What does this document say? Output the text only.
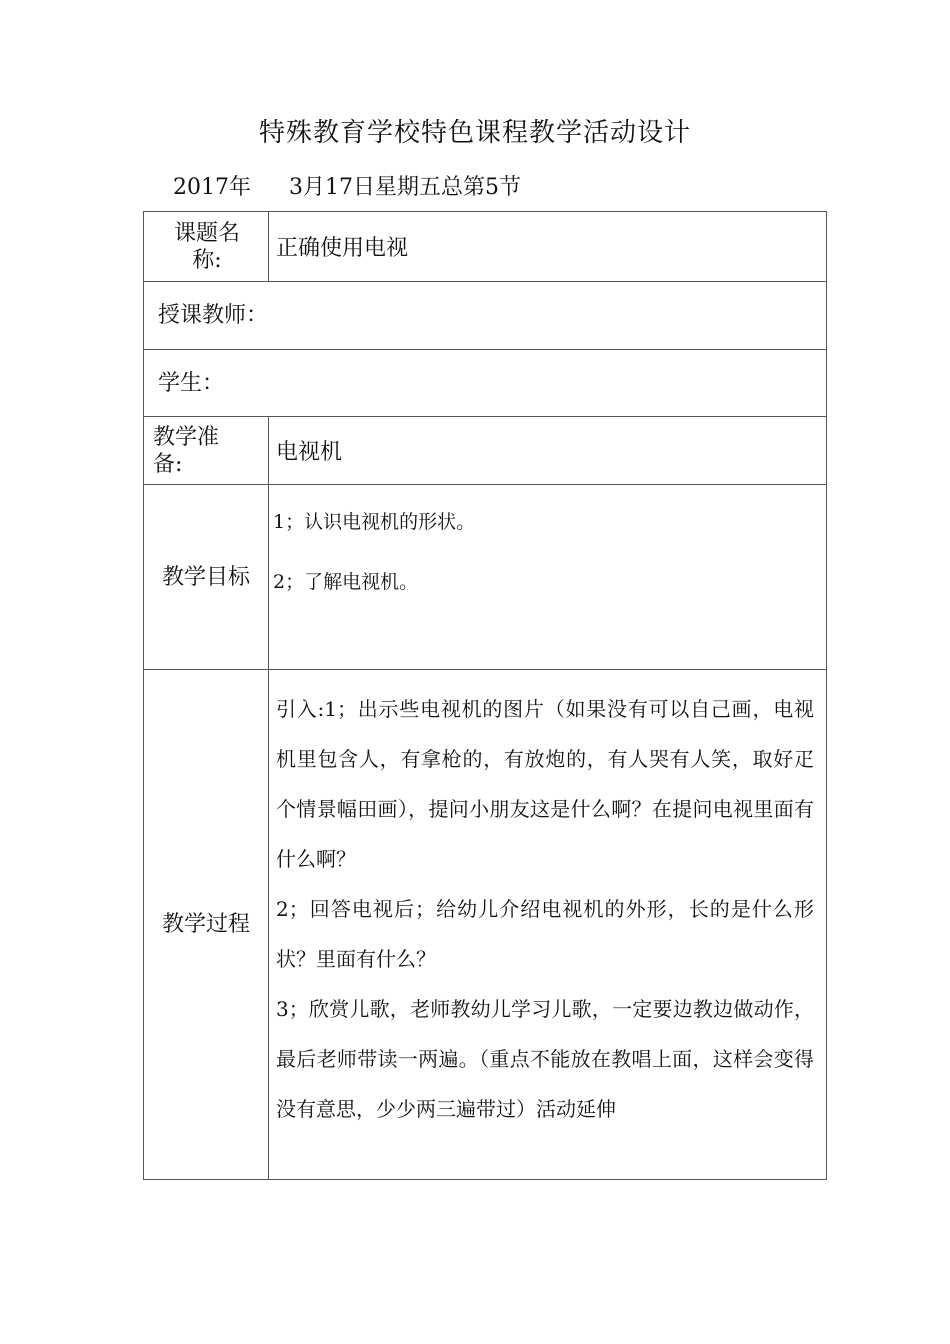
特殊教育学校特色课程教学活动设计
2017年 3月17日星期五总第5节
课题名称:	正确使用电视
授课教师：	
学生：	

教学准备:	电视机

教学目标	1；认识电视机的形状。

2；了解电视机。

教学过程	引入:1；出示些电视机的图片（如果没有可以自己画，电视机里包含人，有拿枪的，有放炮的，有人哭有人笑，取好疋个情景幅田画），提问小朋友这是什么啊？在提问电视里面有什么啊？

2；回答电视后；给幼儿介绍电视机的外形，长的是什么形状？里面有什么？

3；欣赏儿歌，老师教幼儿学习儿歌，一定要边教边做动作，最后老师带读一两遍。（重点不能放在教唱上面，这样会变得没有意思，少少两三遍带过）活动延伸
